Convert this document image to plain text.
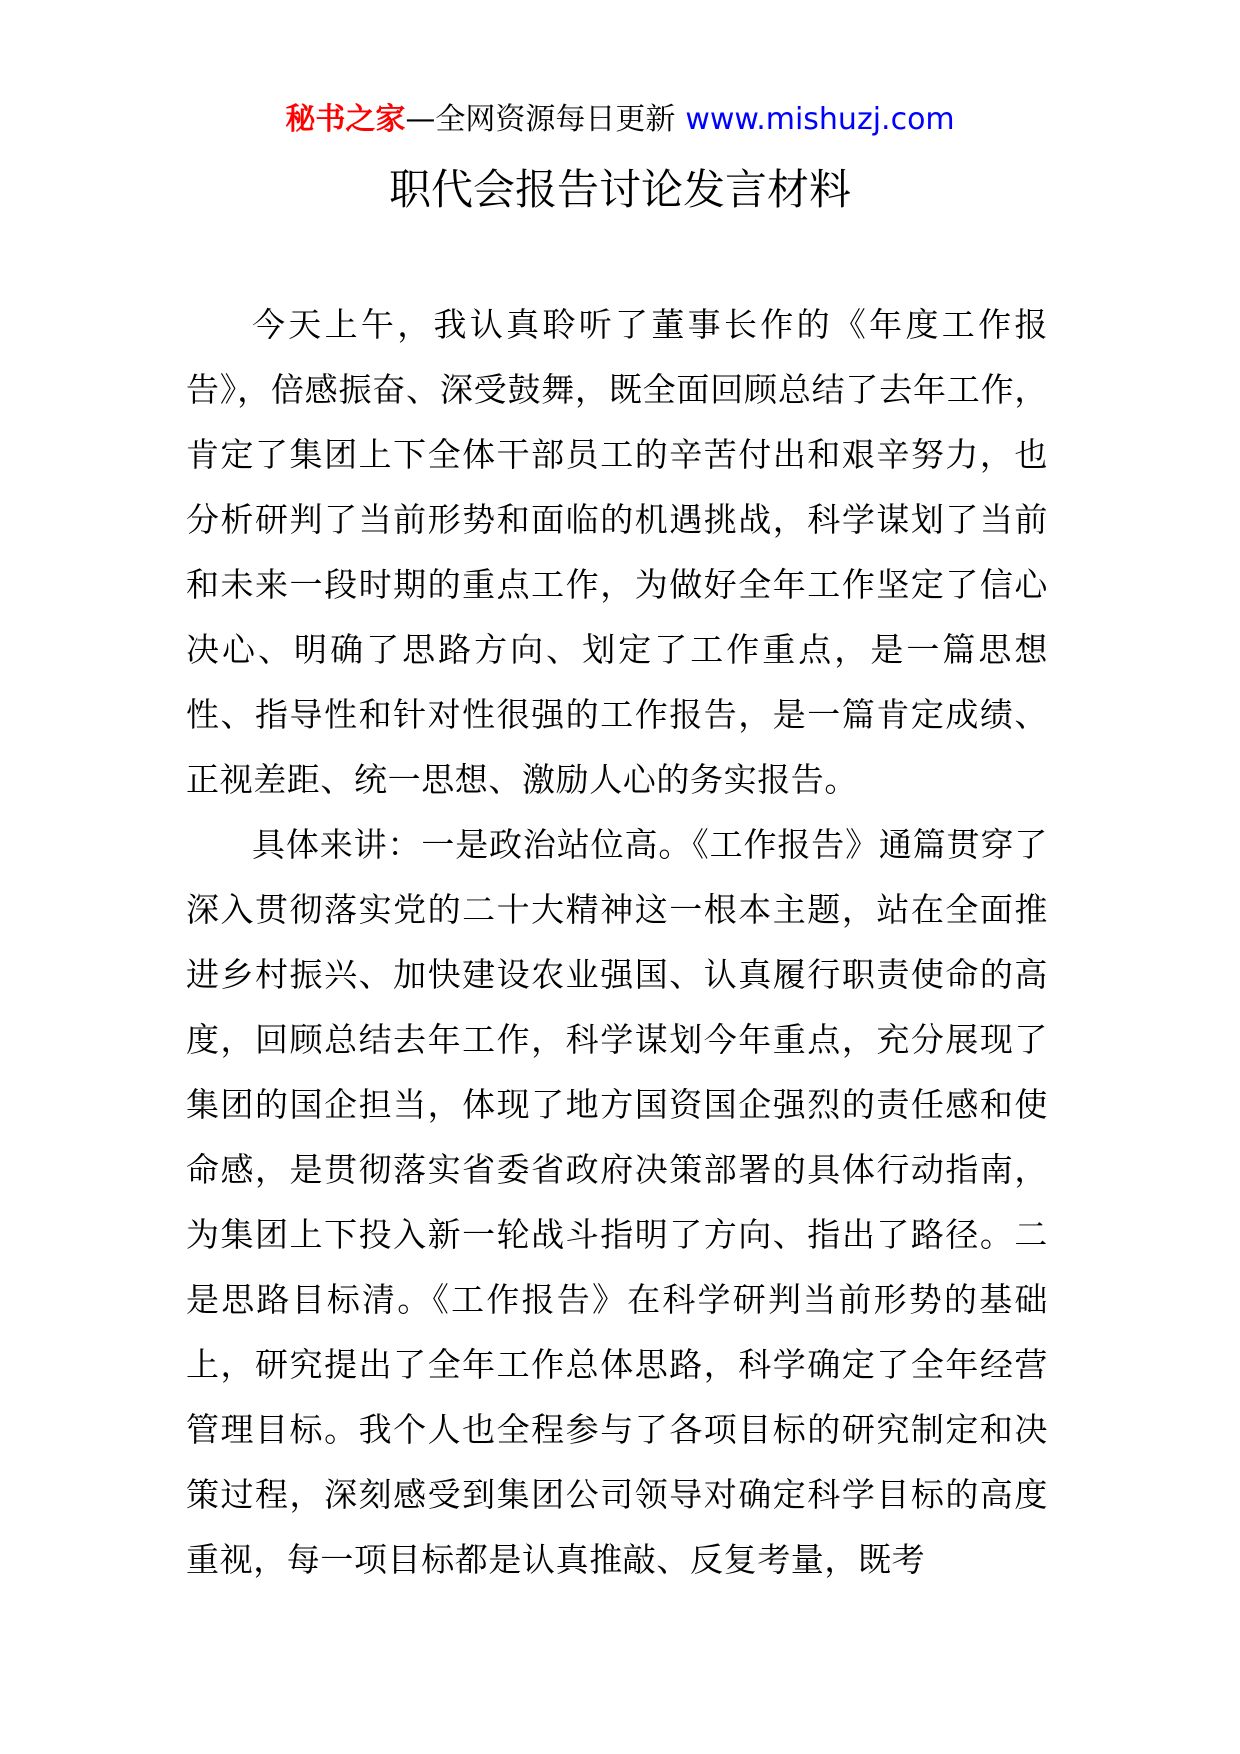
秘书之家—全网资源每日更新 www.mishuzj.com
职代会报告讨论发言材料

今天上午，我认真聆听了董事长作的《年度工作报告》，倍感振奋、深受鼓舞，既全面回顾总结了去年工作，肯定了集团上下全体干部员工的辛苦付出和艰辛努力，也分析研判了当前形势和面临的机遇挑战，科学谋划了当前和未来一段时期的重点工作，为做好全年工作坚定了信心决心、明确了思路方向、划定了工作重点，是一篇思想性、指导性和针对性很强的工作报告，是一篇肯定成绩、正视差距、统一思想、激励人心的务实报告。

具体来讲：一是政治站位高。《工作报告》通篇贯穿了深入贯彻落实党的二十大精神这一根本主题，站在全面推进乡村振兴、加快建设农业强国、认真履行职责使命的高度，回顾总结去年工作，科学谋划今年重点，充分展现了集团的国企担当，体现了地方国资国企强烈的责任感和使命感，是贯彻落实省委省政府决策部署的具体行动指南，为集团上下投入新一轮战斗指明了方向、指出了路径。二是思路目标清。《工作报告》在科学研判当前形势的基础上，研究提出了全年工作总体思路，科学确定了全年经营管理目标。我个人也全程参与了各项目标的研究制定和决策过程，深刻感受到集团公司领导对确定科学目标的高度重视，每一项目标都是认真推敲、反复考量，既考
